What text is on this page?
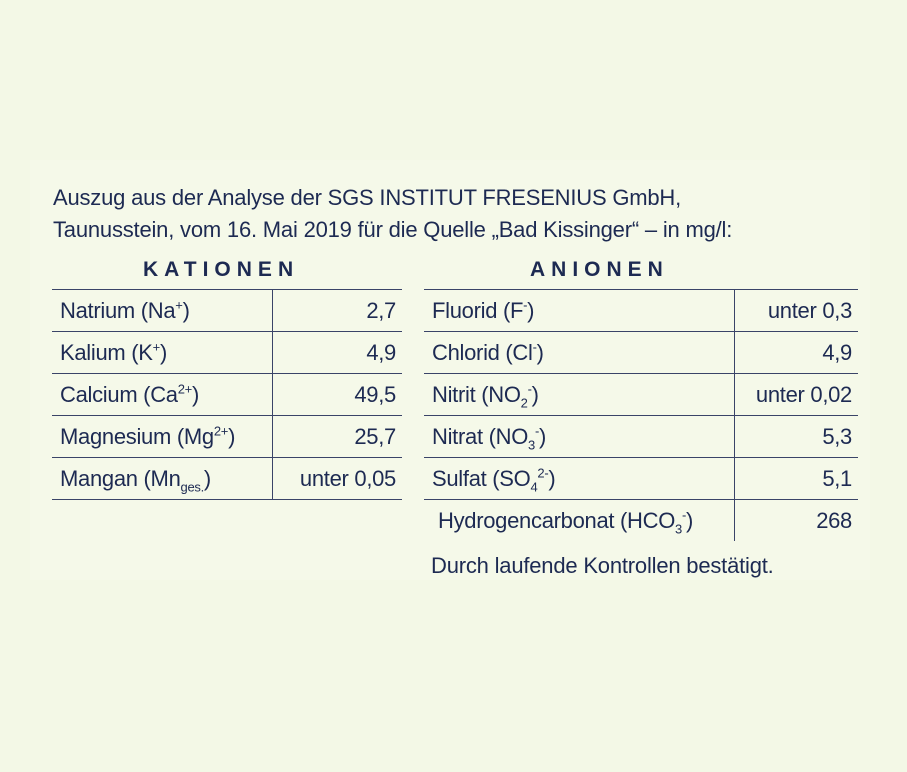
Auszug aus der Analyse der SGS INSTITUT FRESENIUS GmbH,
Taunusstein, vom 16. Mai 2019 für die Quelle „Bad Kissinger“ – in mg/l:
KATIONEN	ANIONEN
Natrium (Na+)	2,7
Kalium (K+)	4,9
Calcium $(Ca^{2+})$	49,5
Magnesium $(Mg^{2+})$	25,7
Mangan $(Mn_{ges.})$	unter 0,05
Fluorid (F-)	unter 0,3
Chlorid (Cl-)	4,9
Nitrit $(NO_2^-)$	unter 0,02
Nitrat $(NO_3^-)$	5,3
Sulfat $(SO_4^{2-})$	5,1
Hydrogencarbonat $(HCO_3^-)$	268
Durch laufende Kontrollen bestätigt.
